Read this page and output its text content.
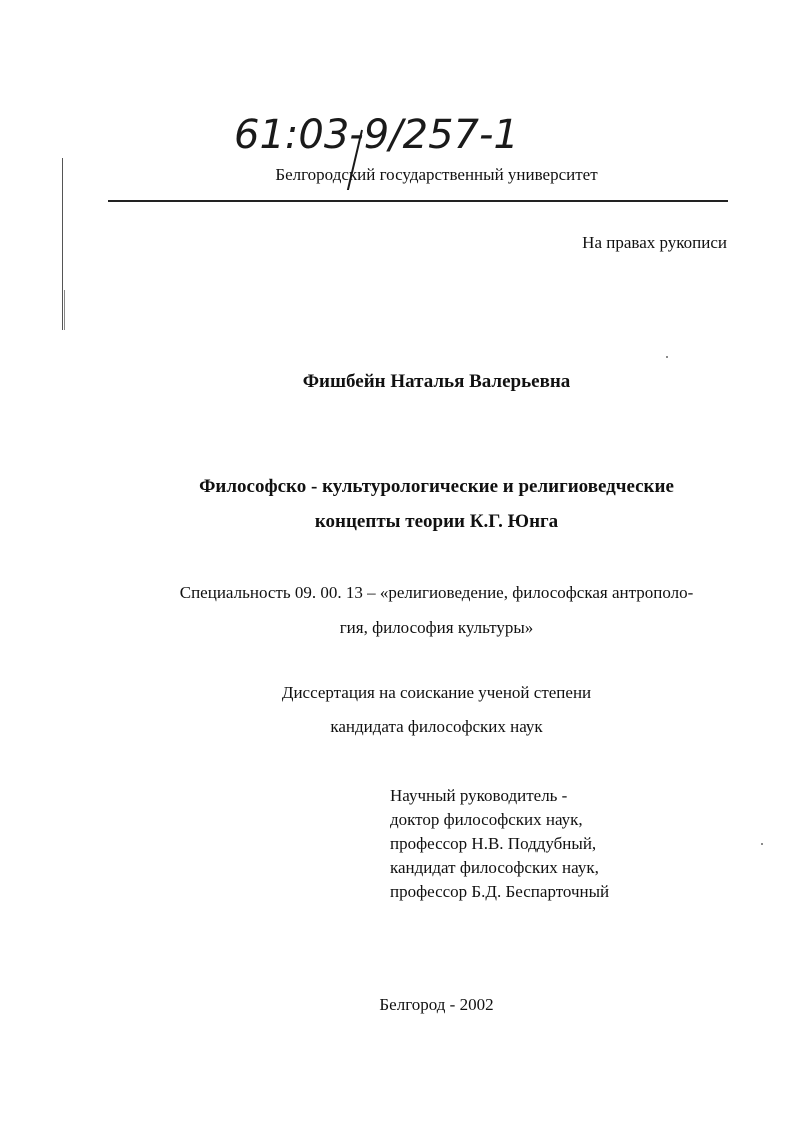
61:03-9/257-1
Белгородский государственный университет
На правах рукописи
Фишбейн Наталья Валерьевна
Философско - культурологические и религиоведческие
концепты теории К.Г. Юнга
Специальность 09. 00. 13 – «религиоведение, философская антрополо-
гия, философия культуры»
Диссертация на соискание ученой степени
кандидата философских наук
Научный руководитель -
доктор философских наук,
профессор Н.В. Поддубный,
кандидат философских наук,
профессор Б.Д. Беспарточный
Белгород - 2002
